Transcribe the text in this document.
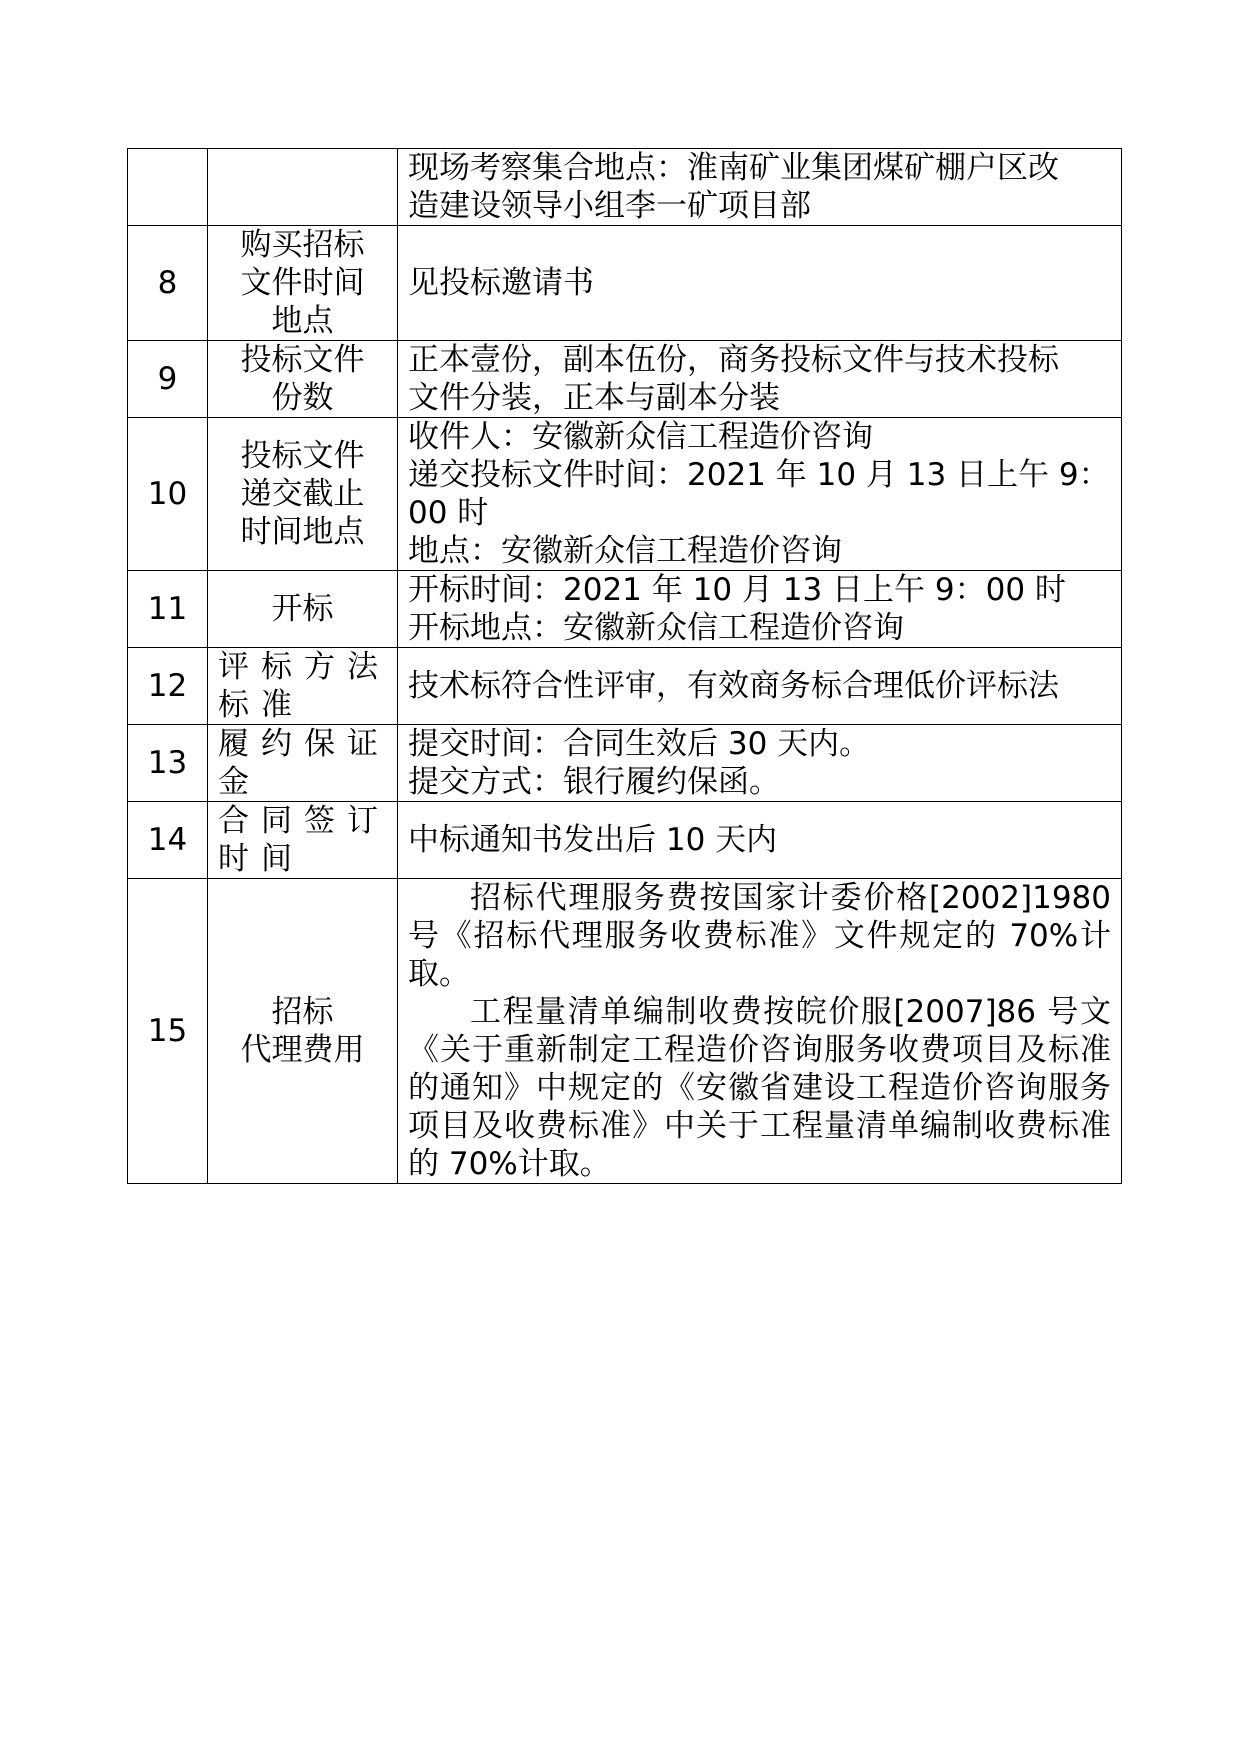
		现场考察集合地点：淮南矿业集团煤矿棚户区改
造建设领导小组李一矿项目部

8	购买招标
文件时间
地点	见投标邀请书

9	投标文件
份数	正本壹份，副本伍份，商务投标文件与技术投标
文件分装，正本与副本分装

10	投标文件
递交截止
时间地点	收件人：安徽新众信工程造价咨询
递交投标文件时间：2021 年 10 月 13 日上午 9：
00 时
地点：安徽新众信工程造价咨询

11	开标	开标时间：2021 年 10 月 13 日上午 9：00 时
开标地点：安徽新众信工程造价咨询

12	评标方法
标准	技术标符合性评审，有效商务标合理低价评标法

13	履约保证
金	提交时间：合同生效后 30 天内。
提交方式：银行履约保函。

14	合同签订
时间	中标通知书发出后 10 天内

15	招标
代理费用	招标代理服务费按国家计委价格[2002]1980 号《招标代理服务收费标准》文件规定的 70%计取。
工程量清单编制收费按皖价服[2007]86 号文《关于重新制定工程造价咨询服务收费项目及标准的通知》中规定的《安徽省建设工程造价咨询服务项目及收费标准》中关于工程量清单编制收费标准的 70%计取。
